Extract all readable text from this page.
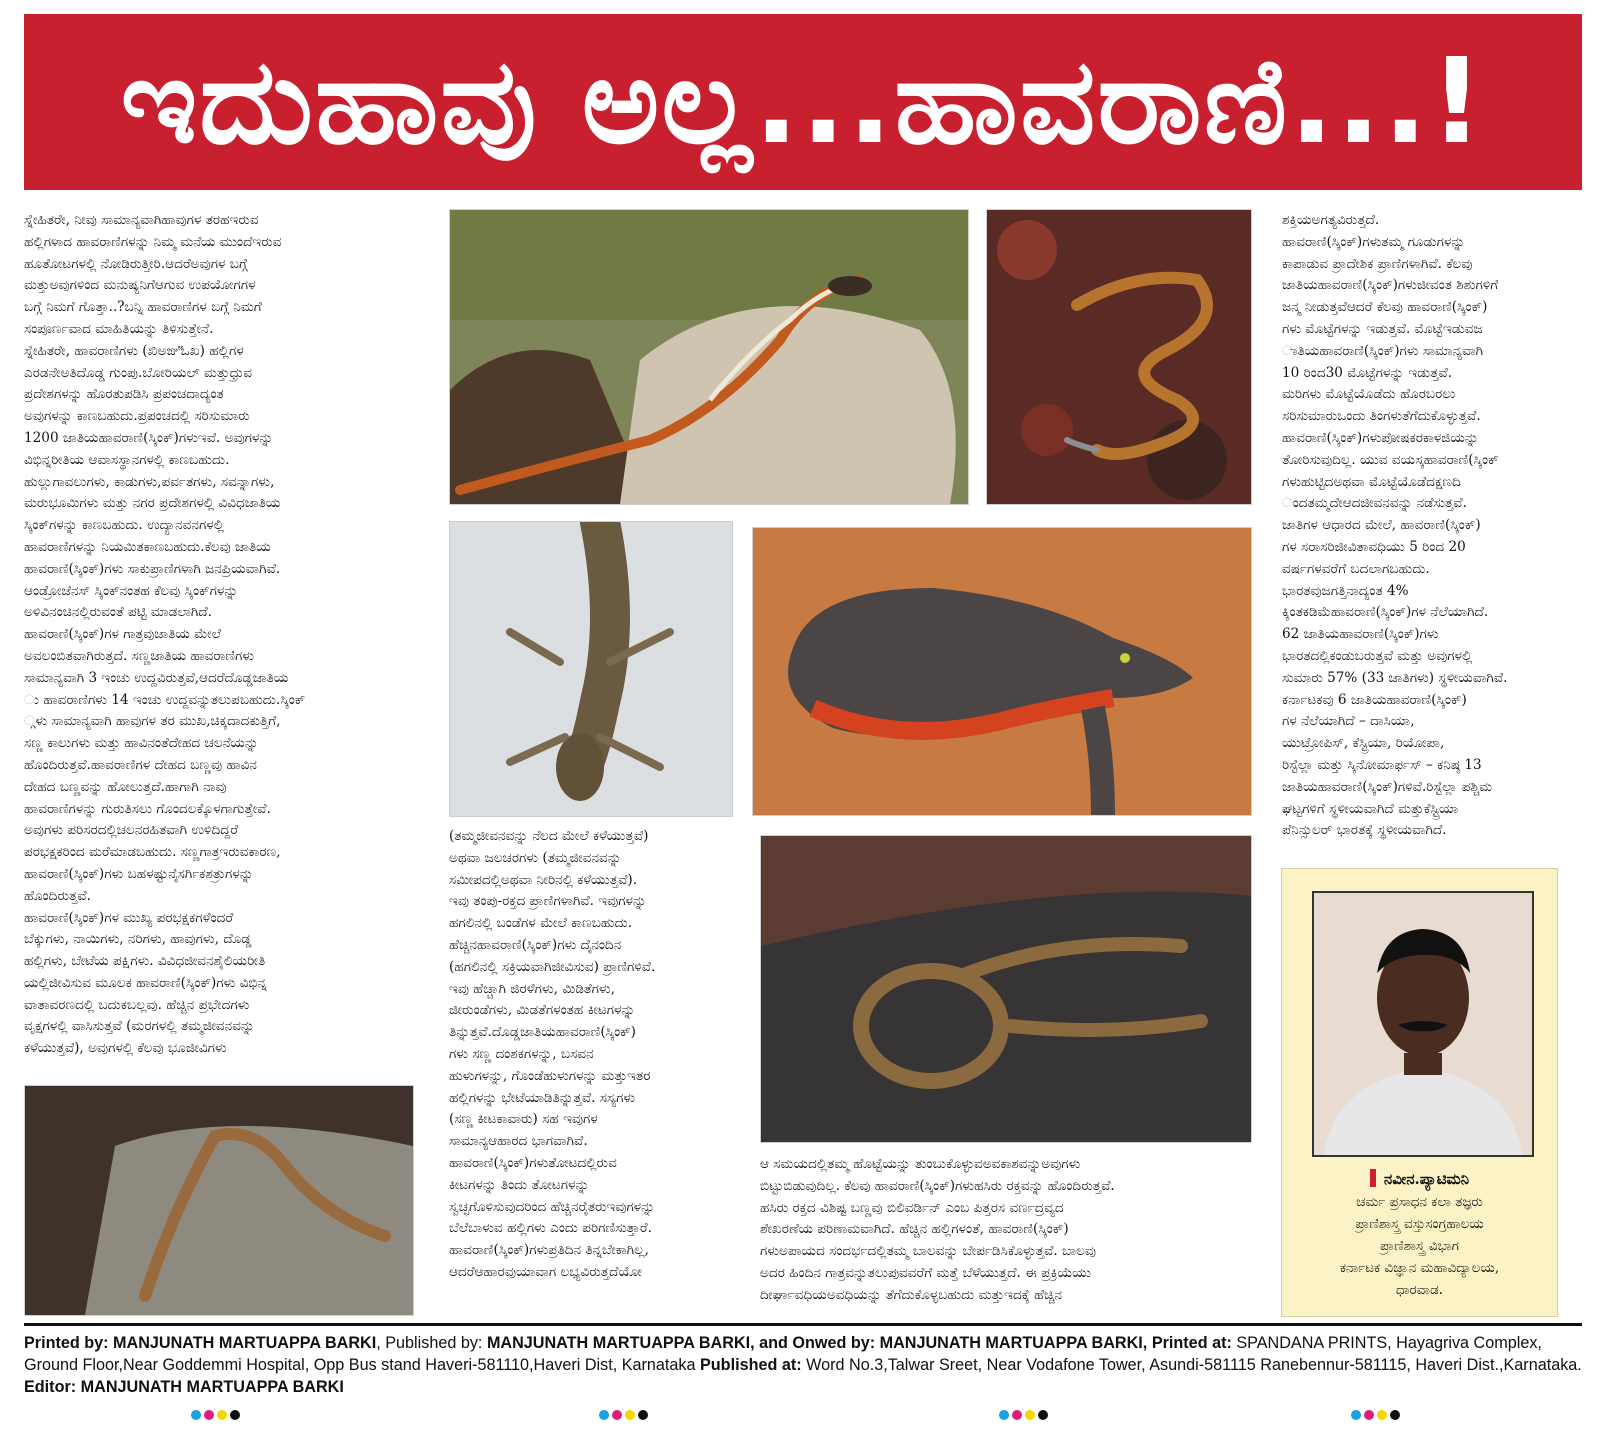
ಇದುಹಾವು ಅಲ್ಲ...ಹಾವರಾಣಿ...!
ಸ್ನೇಹಿತರೇ, ನೀವು ಸಾಮಾನ್ಯವಾಗಿಹಾವುಗಳ ತರಹಇರುವ
ಹಲ್ಲಿಗಳಾದ ಹಾವರಾಣಿಗಳನ್ನು ನಿಮ್ಮ ಮನೆಯ ಮುಂದೆಇರುವ
ಹೂತೋಟಗಳಲ್ಲಿ ನೋಡಿರುತ್ತೀರಿ.ಆದರೆಅವುಗಳ ಬಗ್ಗೆ
ಮತ್ತುಅವುಗಳಿಂದ ಮನುಷ್ಯನಿಗೆಆಗುವ ಉಪಯೋಗಗಳ
ಬಗ್ಗೆ ನಿಮಗೆ ಗೊತ್ತಾ..?ಬನ್ನಿ ಹಾವರಾಣಿಗಳ ಬಗ್ಗೆ ನಿಮಗೆ
ಸಂಪೂರ್ಣವಾದ ಮಾಹಿತಿಯನ್ನು ತಿಳಿಸುತ್ತೇನೆ.
ಸ್ನೇಹಿತರೇ, ಹಾವರಾಣಿಗಳು (ಖಿಅಙಿಓಖ) ಹಲ್ಲಿಗಳ
ಎರಡನೇಅತಿದೊಡ್ಡ ಗುಂಪು.ಬೋರಿಯಲ್ ಮತ್ತುಧ್ರುವ
ಪ್ರದೇಶಗಳನ್ನು ಹೊರತುಪಡಿಸಿ ಪ್ರಪಂಚದಾದ್ಯಂತ
ಅವುಗಳನ್ನು ಕಾಣಬಹುದು.ಪ್ರಪಂಚದಲ್ಲಿ ಸರಿಸುಮಾರು
1200 ಜಾತಿಯಹಾವರಾಣಿ(ಸ್ಕಿಂಕ್)ಗಳುಇವೆ. ಅವುಗಳನ್ನು
ವಿಭಿನ್ನರೀತಿಯ ಆವಾಸಸ್ಥಾನಗಳಲ್ಲಿ ಕಾಣಬಹುದು.
ಹುಲ್ಲುಗಾವಲುಗಳು, ಕಾಡುಗಳು,ಪರ್ವತಗಳು, ಸವನ್ನಾಗಳು,
ಮರುಭೂಮಿಗಳು ಮತ್ತು ನಗರ ಪ್ರದೇಶಗಳಲ್ಲಿ ವಿವಿಧಜಾತಿಯ
ಸ್ಕಿಂಕ್‌ಗಳನ್ನು ಕಾಣಬಹುದು. ಉದ್ಯಾನವನಗಳಲ್ಲಿ
ಹಾವರಾಣಿಗಳನ್ನು ನಿಯಮಿತಕಾಣಬಹುದು.ಕೆಲವು ಜಾತಿಯ
ಹಾವರಾಣಿ(ಸ್ಕಿಂಕ್)ಗಳು ಸಾಕುಪ್ರಾಣಿಗಳಾಗಿ ಜನಪ್ರಿಯವಾಗಿವೆ.
ಆಂಡ್ರೋಜೆನಸ್ ಸ್ಕಿಂಕ್‌ನಂತಹ ಕೆಲವು ಸ್ಕಿಂಕ್‌ಗಳನ್ನು
ಅಳಿವಿನಂಚಿನಲ್ಲಿರುವಂತೆ ಪಟ್ಟಿ ಮಾಡಲಾಗಿದೆ.
ಹಾವರಾಣಿ(ಸ್ಕಿಂಕ್)ಗಳ ಗಾತ್ರವುಜಾತಿಯ ಮೇಲೆ
ಅವಲಂಬಿತವಾಗಿರುತ್ತದೆ. ಸಣ್ಣಜಾತಿಯ ಹಾವರಾಣಿಗಳು
ಸಾಮಾನ್ಯವಾಗಿ 3 ಇಂಚು ಉದ್ದವಿರುತ್ತವೆ,ಆದರೆದೊಡ್ಡಜಾತಿಯ
ು ಹಾವರಾಣಿಗಳು 14 ಇಂಚು ಉದ್ದವನ್ನುತಲುಪಬಹುದು.ಸ್ಕಿಂಕ್
್ಗಳು ಸಾಮಾನ್ಯವಾಗಿ ಹಾವುಗಳ ತರ ಮುಖ,ಚಿಕ್ಕದಾದಕುತ್ತಿಗೆ,
ಸಣ್ಣ ಕಾಲುಗಳು ಮತ್ತು ಹಾವಿನಂತೆದೇಹದ ಚಲನೆಯನ್ನು
ಹೊಂದಿರುತ್ತವೆ.ಹಾವರಾಣಿಗಳ ದೇಹದ ಬಣ್ಣವು ಹಾವಿನ
ದೇಹದ ಬಣ್ಣವನ್ನು ಹೋಲುತ್ತದೆ.ಹಾಗಾಗಿ ನಾವು
ಹಾವರಾಣಿಗಳನ್ನು ಗುರುತಿಸಲು ಗೊಂದಲಕ್ಕೊಳಗಾಗುತ್ತೇವೆ.
ಅವುಗಳು ಪರಿಸರದಲ್ಲಿಚಲನರಹಿತವಾಗಿ ಉಳಿದಿದ್ದರೆ
ಪರಭಕ್ಷಕರಿಂದ ಮರೆಮಾಡಬಹುದು. ಸಣ್ಣಗಾತ್ರಇರುವಕಾರಣ,
ಹಾವರಾಣಿ(ಸ್ಕಿಂಕ್)ಗಳು ಬಹಳಷ್ಟುನೈಸರ್ಗಿಕಶತ್ರುಗಳನ್ನು
ಹೊಂದಿರುತ್ತವೆ.
ಹಾವರಾಣಿ(ಸ್ಕಿಂಕ್)ಗಳ ಮುಖ್ಯ ಪರಭಕ್ಷಕಗಳೆಂದರೆ
ಬೆಕ್ಕುಗಳು, ನಾಯಿಗಳು, ನರಿಗಳು, ಹಾವುಗಳು, ದೊಡ್ಡ
ಹಲ್ಲಿಗಳು, ಬೇಟೆಯ ಪಕ್ಷಿಗಳು. ವಿವಿಧಜೀವನಶೈಲಿಯರೀತಿ
ಯಲ್ಲಿಜೀವಿಸುವ ಮೂಲಕ ಹಾವರಾಣಿ(ಸ್ಕಿಂಕ್)ಗಳು ವಿಭಿನ್ನ
ವಾತಾವರಣದಲ್ಲಿ ಬದುಕಬಲ್ಲವು. ಹೆಚ್ಚಿನ ಪ್ರಭೇದಗಳು
ವೃಕ್ಷಗಳಲ್ಲಿ ವಾಸಿಸುತ್ತವೆ (ಮರಗಳಲ್ಲಿ ತಮ್ಮಜೀವನವನ್ನು
ಕಳೆಯುತ್ತವೆ), ಅವುಗಳಲ್ಲಿ ಕೆಲವು ಭೂಜೀವಿಗಳು
(ತಮ್ಮಜೀವನವನ್ನು ನೆಲದ ಮೇಲೆ ಕಳೆಯುತ್ತವೆ)
ಅಥವಾ ಜಲಚರಗಳು (ತಮ್ಮಜೀವನವನ್ನು
ಸಮೀಪದಲ್ಲಿಅಥವಾ ನೀರಿನಲ್ಲಿ ಕಳೆಯುತ್ತವೆ).
ಇವು ತಂಪು-ರಕ್ತದ ಪ್ರಾಣಿಗಳಾಗಿವೆ. ಇವುಗಳನ್ನು
ಹಗಲಿನಲ್ಲಿ ಬಂಡೆಗಳ ಮೇಲೆ ಕಾಣಬಹುದು.
ಹೆಚ್ಚಿನಹಾವರಾಣಿ(ಸ್ಕಿಂಕ್)ಗಳು ದೈನಂದಿನ
(ಹಗಲಿನಲ್ಲಿ ಸಕ್ರಿಯವಾಗಿಜೀವಿಸುವ) ಪ್ರಾಣಿಗಳಿವೆ.
ಇವು ಹೆಚ್ಚಾಗಿ ಜಿರಳೆಗಳು, ಮಿಡಿತೆಗಳು,
ಜೀರುಂಡೆಗಳು, ಮಿಡತೆಗಳಂತಹ ಕೀಟಗಳನ್ನು
ತಿನ್ನುತ್ತವೆ.ದೊಡ್ಡಜಾತಿಯಹಾವರಾಣಿ(ಸ್ಕಿಂಕ್)
ಗಳು ಸಣ್ಣ ದಂಶಕಗಳನ್ನು, ಬಸವನ
ಹುಳುಗಳನ್ನು, ಗೊಂಡೆಹುಳುಗಳನ್ನು ಮತ್ತುಇತರ
ಹಲ್ಲಿಗಳನ್ನು ಭೇಟೆಯಾಡಿತಿನ್ನುತ್ತವೆ. ಸಸ್ಯಗಳು
(ಸಣ್ಣ ಕೀಟಕಾವಾರು) ಸಹ ಇವುಗಳ
ಸಾಮಾನ್ಯಆಹಾರದ ಭಾಗವಾಗಿವೆ.
ಹಾವರಾಣಿ(ಸ್ಕಿಂಕ್)ಗಳುತೋಟದಲ್ಲಿರುವ
ಕೀಟಗಳನ್ನು ತಿಂದು ತೋಟಗಳನ್ನು
ಸ್ವಚ್ಛಗೊಳಿಸುವುದರಿಂದ ಹೆಚ್ಚಿನರೈತರುಇವುಗಳನ್ನು
ಬೆಲೆಬಾಳುವ ಹಲ್ಲಿಗಳು ಎಂದು ಪರಿಗಣಿಸುತ್ತಾರೆ.
ಹಾವರಾಣಿ(ಸ್ಕಿಂಕ್)ಗಳುಪ್ರತಿದಿನ ತಿನ್ನಬೇಕಾಗಿಲ್ಲ,
ಆದರೆಆಹಾರವುಯಾವಾಗ ಲಭ್ಯವಿರುತ್ತದೆಯೋ
ಆ ಸಮಯದಲ್ಲಿತಮ್ಮ ಹೊಟ್ಟೆಯನ್ನು ತುಂಬುಕೊಳ್ಳುವಅವಕಾಶವನ್ನುಅವುಗಳು
ಬಿಟ್ಟುಬಿಡುವುದಿಲ್ಲ. ಕೆಲವು ಹಾವರಾಣಿ(ಸ್ಕಿಂಕ್)ಗಳುಹಸಿರು ರಕ್ತವನ್ನು ಹೊಂದಿರುತ್ತವೆ.
ಹಸಿರು ರಕ್ತದ ವಿಶಿಷ್ಟ ಬಣ್ಣವು ಬಿಲಿವರ್ಡಿನ್ ಎಂಬ ಪಿತ್ತರಸ ವರ್ಣದ್ರವ್ಯದ
ಶೇಖರಣೆಯ ಪರಿಣಾಮವಾಗಿದೆ. ಹೆಚ್ಚಿನ ಹಲ್ಲಿಗಳಂತೆ, ಹಾವರಾಣಿ(ಸ್ಕಿಂಕ್)
ಗಳುಅಪಾಯದ ಸಂದರ್ಭದಲ್ಲಿತಮ್ಮ ಬಾಲವನ್ನು ಬೇರ್ಪಡಿಸಿಕೊಳ್ಳುತ್ತವೆ. ಬಾಲವು
ಅದರ ಹಿಂದಿನ ಗಾತ್ರವನ್ನುತಲುಪುವವರೆಗೆ ಮತ್ತೆ ಬೆಳೆಯುತ್ತದೆ. ಈ ಪ್ರಕ್ರಿಯೆಯು
ದೀರ್ಘಾವಧಿಯಅವಧಿಯನ್ನು ತೆಗೆದುಕೊಳ್ಳಬಹುದು ಮತ್ತುಇದಕ್ಕೆ ಹೆಚ್ಚಿನ
ಶಕ್ತಿಯಅಗತ್ಯವಿರುತ್ತದೆ.
ಹಾವರಾಣಿ(ಸ್ಕಿಂಕ್)ಗಳುತಮ್ಮ ಗೂಡುಗಳನ್ನು
ಕಾಪಾಡುವ ಪ್ರಾದೇಶಿಕ ಪ್ರಾಣಿಗಳಾಗಿವೆ. ಕೆಲವು
ಜಾತಿಯಹಾವರಾಣಿ(ಸ್ಕಿಂಕ್)ಗಳುಜೀವಂತ ಶಿಶುಗಳಿಗೆ
ಜನ್ಮ ನೀಡುತ್ತವೆಆದರೆ ಕೆಲವು ಹಾವರಾಣಿ(ಸ್ಕಿಂಕ್)
ಗಳು ಮೊಟ್ಟೆಗಳನ್ನು ಇಡುತ್ತವೆ. ಮೊಟ್ಟೆಇಡುವಜ
ಾತಿಯಹಾವರಾಣಿ(ಸ್ಕಿಂಕ್)ಗಳು ಸಾಮಾನ್ಯವಾಗಿ
10 ರಿಂದ30 ಮೊಟ್ಟೆಗಳನ್ನು ಇಡುತ್ತವೆ.
ಮರಿಗಳು ಮೊಟ್ಟೆಯೊಡೆದು ಹೊರಬರಲು
ಸರಿಸುಮಾರುಒಂದು ತಿಂಗಳುತೆಗೆದುಕೊಳ್ಳುತ್ತವೆ.
ಹಾವರಾಣಿ(ಸ್ಕಿಂಕ್)ಗಳುಪೋಷಕರಕಾಳಜಿಯನ್ನು
ತೋರಿಸುವುದಿಲ್ಲ. ಯುವ ವಯಸ್ಕಹಾವರಾಣಿ(ಸ್ಕಿಂಕ್
ಗಳುಹುಟ್ಟಿದಅಥವಾ ಮೊಟ್ಟೆಯೊಡೆದಕ್ಷಣದಿ
ಂದತಮ್ಮದೇಆದಜೀವನವನ್ನು ನಡೆಸುತ್ತವೆ.
ಜಾತಿಗಳ ಆಧಾರದ ಮೇಲೆ, ಹಾವರಾಣಿ(ಸ್ಕಿಂಕ್)
ಗಳ ಸರಾಸರಿಜೀವಿತಾವಧಿಯು 5 ರಿಂದ 20
ವರ್ಷಗಳವರೆಗೆ ಬದಲಾಗಬಹುದು.
ಭಾರತವುಜಗತ್ತಿನಾದ್ಯಂತ 4%
ಕ್ಕಿಂತಕಡಿಮೆಹಾವರಾಣಿ(ಸ್ಕಿಂಕ್)ಗಳ ನೆಲೆಯಾಗಿದೆ.
62 ಜಾತಿಯಹಾವರಾಣಿ(ಸ್ಕಿಂಕ್)ಗಳು
ಭಾರತದಲ್ಲಿಕಂಡುಬರುತ್ತವೆ ಮತ್ತು ಅವುಗಳಲ್ಲಿ
ಸುಮಾರು 57% (33 ಜಾತಿಗಳು) ಸ್ಥಳೀಯವಾಗಿವೆ.
ಕರ್ನಾಟಕವು 6 ಜಾತಿಯಹಾವರಾಣಿ(ಸ್ಕಿಂಕ್)
ಗಳ ನೆಲೆಯಾಗಿದೆ – ದಾಸಿಯಾ,
ಯುಟ್ರೋಪಿಸ್, ಕೆಸ್ಟ್ರಿಯಾ, ರಿಯೋಪಾ,
ರಿಸ್ಟೆಲ್ಲಾ ಮತ್ತು ಸ್ಕಿನೋಮಾರ್ಫಸ್ – ಕನಿಷ್ಠ 13
ಜಾತಿಯಹಾವರಾಣಿ(ಸ್ಕಿಂಕ್)ಗಳಿವೆ.ರಿಸ್ಟೆಲ್ಲಾ ಪಶ್ಚಿಮ
ಘಟ್ಟಗಳಿಗೆ ಸ್ಥಳೀಯವಾಗಿದೆ ಮತ್ತುಕೆಸ್ಟ್ರಿಯಾ
ಪೆನಿನ್ಸುಲರ್ ಭಾರತಕ್ಕೆ ಸ್ಥಳೀಯವಾಗಿದೆ.
ನವೀನ.ಪ್ಯಾಟಿಮನಿ
ಚರ್ಮ ಪ್ರಸಾಧನ ಕಲಾ ತಜ್ಞರು
ಪ್ರಾಣಿಶಾಸ್ತ್ರ ವಸ್ತುಸಂಗ್ರಹಾಲಯ
ಪ್ರಾಣಿಶಾಸ್ತ್ರ ವಿಭಾಗ
ಕರ್ನಾಟಕ ವಿಜ್ಞಾನ ಮಹಾವಿದ್ಯಾಲಯ,
ಧಾರವಾಡ.
Printed by: MANJUNATH MARTUAPPA BARKI, Published by: MANJUNATH MARTUAPPA BARKI, and Onwed by: MANJUNATH MARTUAPPA BARKI, Printed at: SPANDANA PRINTS, Hayagriva Complex, Ground Floor,Near Goddemmi Hospital, Opp Bus stand Haveri-581110,Haveri Dist, Karnataka Published at: Word No.3,Talwar Sreet, Near Vodafone Tower, Asundi-581115 Ranebennur-581115, Haveri Dist.,Karnataka. Editor: MANJUNATH MARTUAPPA BARKI
